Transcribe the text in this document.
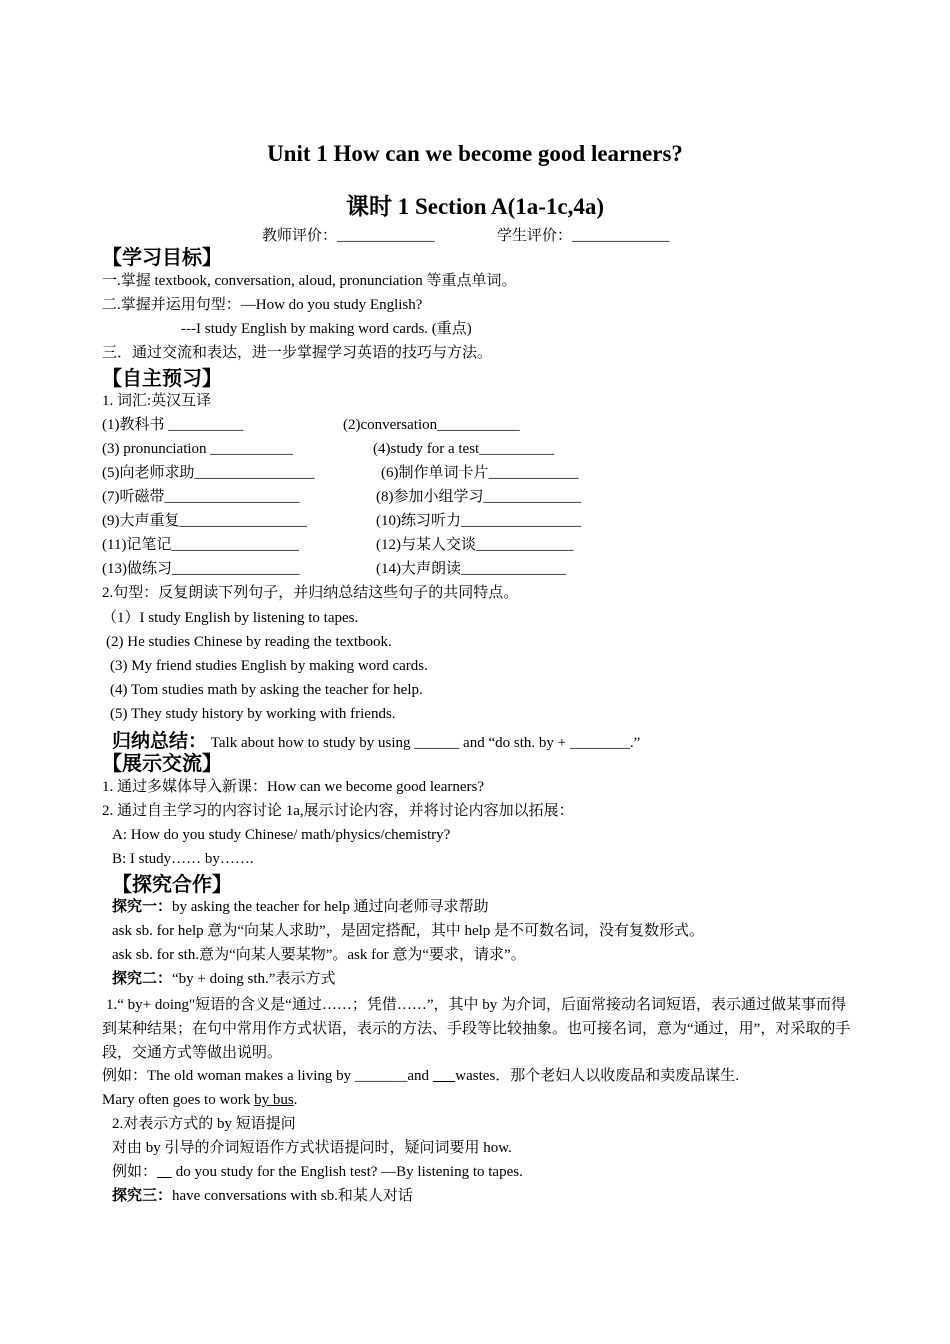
Unit 1 How can we become good learners?
课时 1 Section A(1a-1c,4a)
教师评价：_____________	学生评价：_____________
【学习目标】
一.掌握 textbook, conversation, aloud, pronunciation 等重点单词。
二.掌握并运用句型：—How do you study English?
---I study English by making word cards. (重点)
三．通过交流和表达，进一步掌握学习英语的技巧与方法。
【自主预习】
1. 词汇:英汉互译
(1)教科书 __________	(2)conversation___________
(3) pronunciation ___________	(4)study for a test__________
(5)向老师求助________________	(6)制作单词卡片____________
(7)听磁带__________________	(8)参加小组学习_____________
(9)大声重复_________________	(10)练习听力________________
(11)记笔记_________________	(12)与某人交谈_____________
(13)做练习_________________	(14)大声朗读______________
2.句型：反复朗读下列句子，并归纳总结这些句子的共同特点。
（1）I study English by listening to tapes.
(2) He studies Chinese by reading the textbook.
(3) My friend studies English by making word cards.
(4) Tom studies math by asking the teacher for help.
(5) They study history by working with friends.
归纳总结： Talk about how to study by using ______ and “do sth. by + ________.”
【展示交流】
1. 通过多媒体导入新课：How can we become good learners?
2. 通过自主学习的内容讨论 1a,展示讨论内容，并将讨论内容加以拓展：
A: How do you study Chinese/ math/physics/chemistry?
B: I study…… by…….
【探究合作】
探究一：by asking the teacher for help 通过向老师寻求帮助
ask sb. for help 意为“向某人求助”，是固定搭配，其中 help 是不可数名词，没有复数形式。
ask sb. for sth.意为“向某人要某物”。ask for 意为“要求，请求”。
探究二：“by + doing sth.”表示方式
1.“ by+ doing"短语的含义是“通过……；凭借……”，其中 by 为介词，后面常接动名词短语，表示通过做某事而得到某种结果；在句中常用作方式状语，表示的方法、手段等比较抽象。也可接名词，意为“通过，用”，对采取的手段，交通方式等做出说明。
例如：The old woman makes a living by _______and       wastes．那个老妇人以收废品和卖废品谋生.
Mary often goes to work by bus.
2.对表示方式的 by 短语提问
对由 by 引导的介词短语作方式状语提问时，疑问词要用 how.
例如：     do you study for the English test? —By listening to tapes.
探究三：have conversations with sb.和某人对话
